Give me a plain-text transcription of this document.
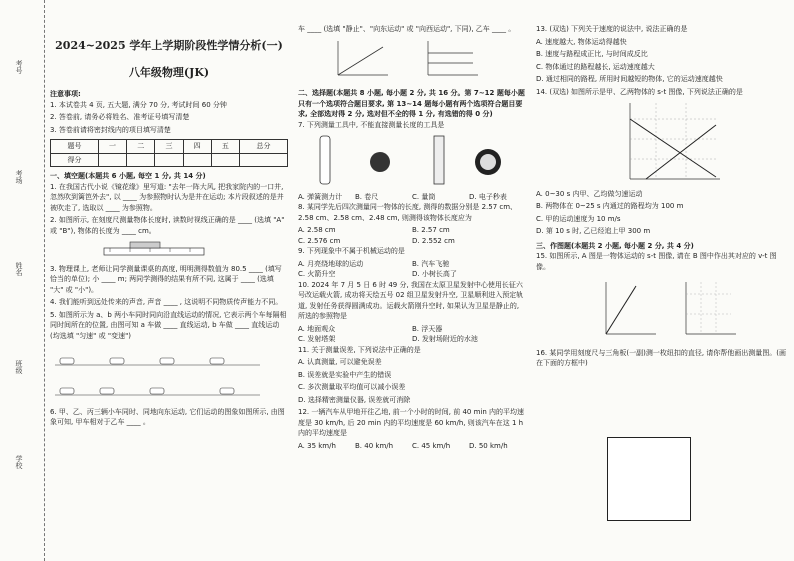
考号
考场
姓名
班级
学校
2024~2025 学年上学期阶段性学情分析(一)
八年级物理(JK)
注意事项:

1. 本试卷共 4 页, 五大题, 满分 70 分, 考试时间 60 分钟

2. 答卷前, 请务必将姓名、准考证号填写清楚

3. 答卷前请将密封线内的项目填写清楚

题号	一	二	三	四	五	总分
得分						
一、填空题(本题共 6 小题, 每空 1 分, 共 14 分)

1. 在我国古代小说《镜花缘》里写道: "去年一阵大风, 把我家院内的一口井, 忽然吹到篱笆外去", 以 ____ 为参照物时认为是井在运动; 本片段叙述的是井被吹走了, 选取以 ____ 为参照物。

2. 如图所示, 在刻度尺测量物体长度时, 读数时视线正确的是 ____ (选填 "A" 或 "B"), 物体的长度为 ____ cm。

3. 物理课上, 老师让同学测量课桌的高度, 明明测得数值为 80.5 ____ (填写恰当的单位); 小 ____ m; 两同学测得的结果有所不同, 这属于 ____ (选填 "大" 或 "小")。

4. 我们能听到远处传来的声音, 声音 ____ , 这说明不同物质传声能力不同。

5. 如图所示为 a、b 两小车同时同向沿直线运动的情况, 它表示两个车每隔相同时间所在的位置, 由图可知 a 车做 ____ 直线运动, b 车做 ____ 直线运动(均选填 "匀速" 或 "变速")

6. 甲、乙、丙三辆小车同时、同地向东运动, 它们运动的图象如图所示, 由图象可知, 甲车相对于乙车 ____ 。

车 ____ (选填 "静止"、"向东运动" 或 "向西运动", 下同), 乙车 ____ 。

二、选择题(本题共 8 小题, 每小题 2 分, 共 16 分。第 7~12 题每小题只有一个选项符合题目要求, 第 13~14 题每小题有两个选项符合题目要求, 全部选对得 2 分, 选对但不全的得 1 分, 有选错的得 0 分)

7. 下列测量工具中, 不能直接测量长度的工具是

A. 弹簧测力计	B. 卷尺	C. 量筒	D. 电子秒表

8. 某同学先后四次测量同一物体的长度, 测得的数据分别是 2.57 cm、2.58 cm、2.58 cm、2.48 cm, 则测得该物体长度应为

A. 2.58 cm	B. 2.57 cm
C. 2.576 cm	D. 2.552 cm

9. 下列现象中不属于机械运动的是

A. 月亮绕地球的运动	B. 汽车飞驰
C. 火箭升空	D. 小树长高了

10. 2024 年 7 月 5 日 6 时 49 分, 我国在太原卫星发射中心使用长征六号改运载火箭, 成功将天绘五号 02 组卫星发射升空, 卫星顺利进入预定轨道, 发射任务获得圆满成功。运载火箭刚升空时, 如果认为卫星是静止的, 所选的参照物是

A. 地面观众	B. 浮天器
C. 发射塔架	D. 发射场附近的水池

11. 关于测量误差, 下列说法中正确的是

A. 认真测量, 可以避免误差

B. 误差就是实验中产生的错误

C. 多次测量取平均值可以减小误差

D. 选择精密测量仪器, 误差就可消除

12. 一辆汽车从甲地开往乙地, 前一个小时的时间, 前 40 min 内的平均速度是 30 km/h, 后 20 min 内的平均速度是 60 km/h, 则该汽车在这 1 h 内的平均速度是

A. 35 km/h	B. 40 km/h	C. 45 km/h	D. 50 km/h

13. (双选) 下列关于速度的说法中, 说法正确的是

A. 速度越大, 物体运动得越快

B. 速度与路程成正比, 与时间成反比

C. 物体通过的路程越长, 运动速度越大

D. 通过相同的路程, 所用时间越短的物体, 它的运动速度越快

14. (双选) 如图所示是甲、乙两物体的 s-t 图像, 下列说法正确的是

A. 0~30 s 内甲、乙均做匀速运动

B. 两物体在 0~25 s 内通过的路程均为 100 m

C. 甲的运动速度为 10 m/s

D. 第 10 s 时, 乙已经追上甲 300 m

三、作图题(本题共 2 小题, 每小题 2 分, 共 4 分)

15. 如图所示, A 图是一物体运动的 s-t 图像, 请在 B 图中作出其对应的 v-t 图像。

16. 某同学用刻度尺与三角板(一副)测一枚纽扣的直径, 请你帮他画出测量图。(画在下面的方框中)
